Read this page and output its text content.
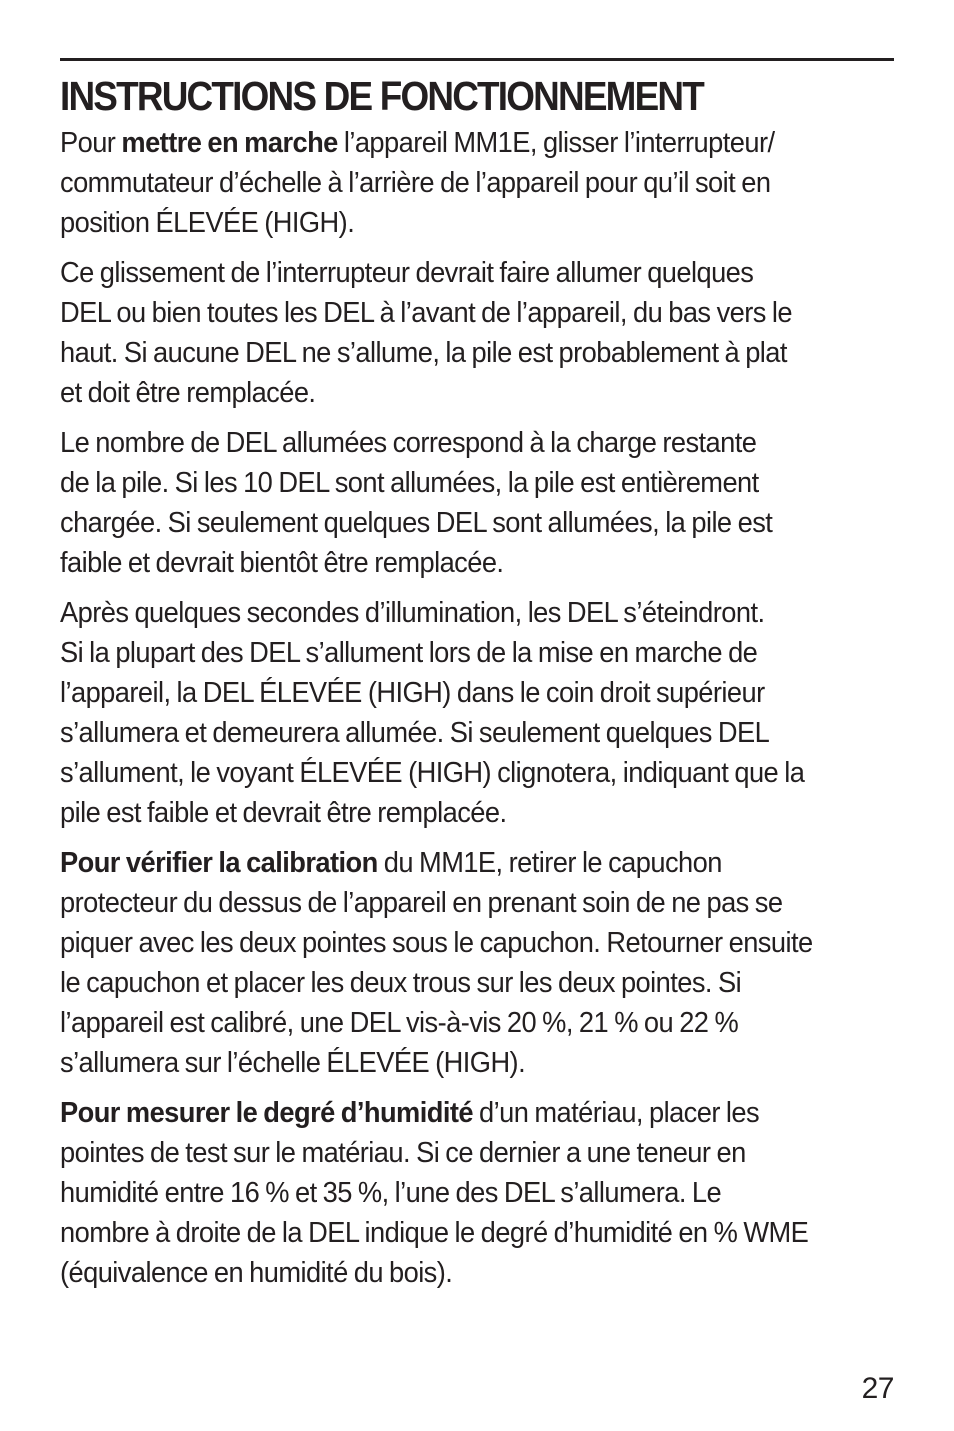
INSTRUCTIONS DE FONCTIONNEMENT

Pour mettre en marche l’appareil MM1E, glisser l’interrupteur/
commutateur d’échelle à l’arrière de l’appareil pour qu’il soit en
position ÉLEVÉE (HIGH).

Ce glissement de l’interrupteur devrait faire allumer quelques
DEL ou bien toutes les DEL à l’avant de l’appareil, du bas vers le
haut. Si aucune DEL ne s’allume, la pile est probablement à plat
et doit être remplacée.

Le nombre de DEL allumées correspond à la charge restante
de la pile. Si les 10 DEL sont allumées, la pile est entièrement
chargée. Si seulement quelques DEL sont allumées, la pile est
faible et devrait bientôt être remplacée.

Après quelques secondes d’illumination, les DEL s’éteindront.
Si la plupart des DEL s’allument lors de la mise en marche de
l’appareil, la DEL ÉLEVÉE (HIGH) dans le coin droit supérieur
s’allumera et demeurera allumée. Si seulement quelques DEL
s’allument, le voyant ÉLEVÉE (HIGH) clignotera, indiquant que la
pile est faible et devrait être remplacée.

Pour vérifier la calibration du MM1E, retirer le capuchon
protecteur du dessus de l’appareil en prenant soin de ne pas se
piquer avec les deux pointes sous le capuchon. Retourner ensuite
le capuchon et placer les deux trous sur les deux pointes. Si
l’appareil est calibré, une DEL vis-à-vis 20 %, 21 % ou 22 %
s’allumera sur l’échelle ÉLEVÉE (HIGH).

Pour mesurer le degré d’humidité d’un matériau, placer les
pointes de test sur le matériau. Si ce dernier a une teneur en
humidité entre 16 % et 35 %, l’une des DEL s’allumera. Le
nombre à droite de la DEL indique le degré d’humidité en % WME
(équivalence en humidité du bois).

27
